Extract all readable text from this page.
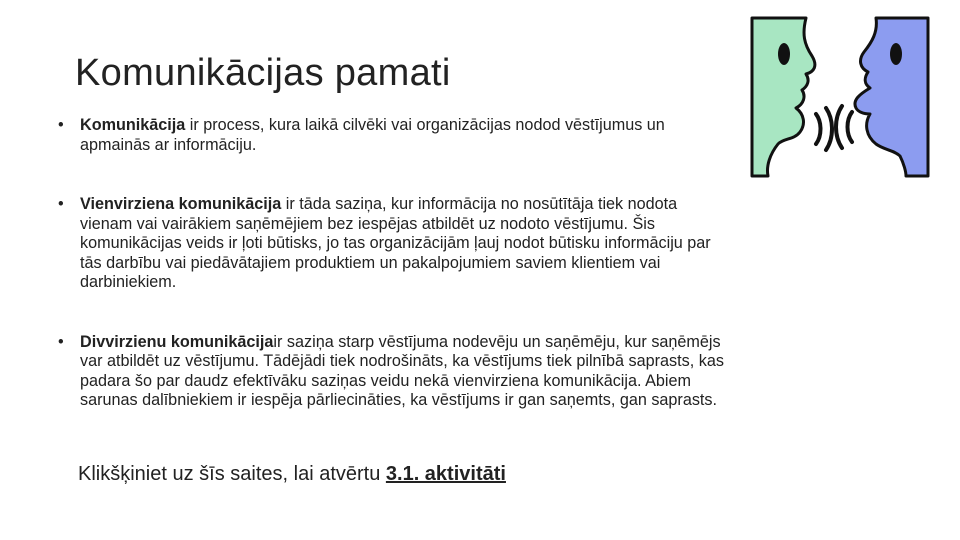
Komunikācijas pamati
• Komunikācija ir process, kura laikā cilvēki vai organizācijas nodod vēstījumus un apmainās ar informāciju.
• Vienvirziena komunikācija ir tāda saziņa, kur informācija no nosūtītāja tiek nodota vienam vai vairākiem saņēmējiem bez iespējas atbildēt uz nodoto vēstījumu. Šis komunikācijas veids ir ļoti būtisks, jo tas organizācijām ļauj nodot būtisku informāciju par tās darbību vai piedāvātajiem produktiem un pakalpojumiem saviem klientiem vai darbiniekiem.
• Divvirzienu komunikācijair saziņa starp vēstījuma nodevēju un saņēmēju, kur saņēmējs var atbildēt uz vēstījumu. Tādējādi tiek nodrošināts, ka vēstījums tiek pilnībā saprasts, kas padara šo par daudz efektīvāku saziņas veidu nekā vienvirziena komunikācija. Abiem sarunas dalībniekiem ir iespēja pārliecināties, ka vēstījums ir gan saņemts, gan saprasts.
Klikšķiniet uz šīs saites, lai atvērtu 3.1. aktivitāti
